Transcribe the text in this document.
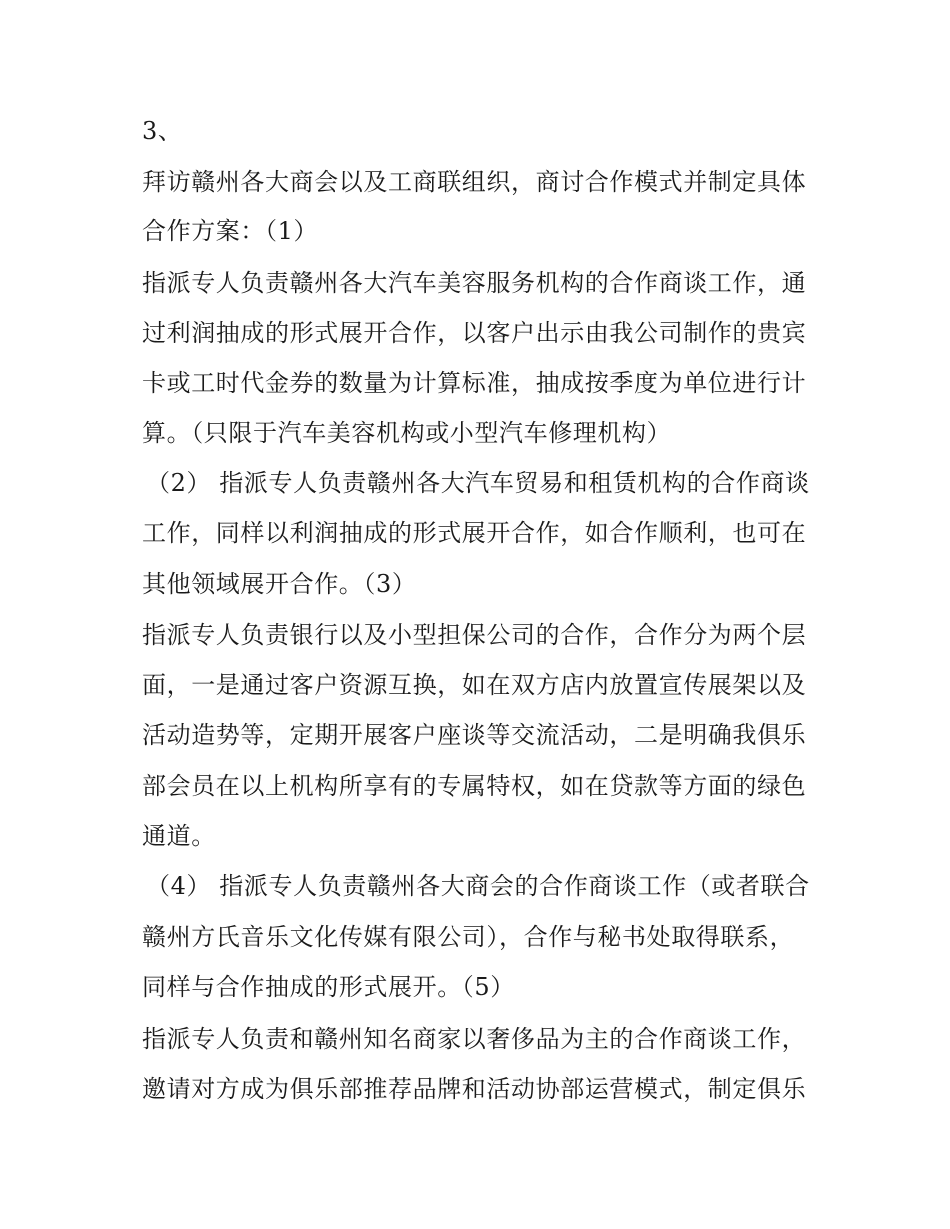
3、
拜访赣州各大商会以及工商联组织，商讨合作模式并制定具体
合作方案：（1）
指派专人负责赣州各大汽车美容服务机构的合作商谈工作，通
过利润抽成的形式展开合作，以客户出示由我公司制作的贵宾
卡或工时代金券的数量为计算标准，抽成按季度为单位进行计
算。（只限于汽车美容机构或小型汽车修理机构）
（2） 指派专人负责赣州各大汽车贸易和租赁机构的合作商谈
工作，同样以利润抽成的形式展开合作，如合作顺利，也可在
其他领域展开合作。（3）
指派专人负责银行以及小型担保公司的合作，合作分为两个层
面，一是通过客户资源互换，如在双方店内放置宣传展架以及
活动造势等，定期开展客户座谈等交流活动，二是明确我俱乐
部会员在以上机构所享有的专属特权，如在贷款等方面的绿色
通道。
（4） 指派专人负责赣州各大商会的合作商谈工作（或者联合
赣州方氏音乐文化传媒有限公司），合作与秘书处取得联系，
同样与合作抽成的形式展开。（5）
指派专人负责和赣州知名商家以奢侈品为主的合作商谈工作，
邀请对方成为俱乐部推荐品牌和活动协部运营模式，制定俱乐
